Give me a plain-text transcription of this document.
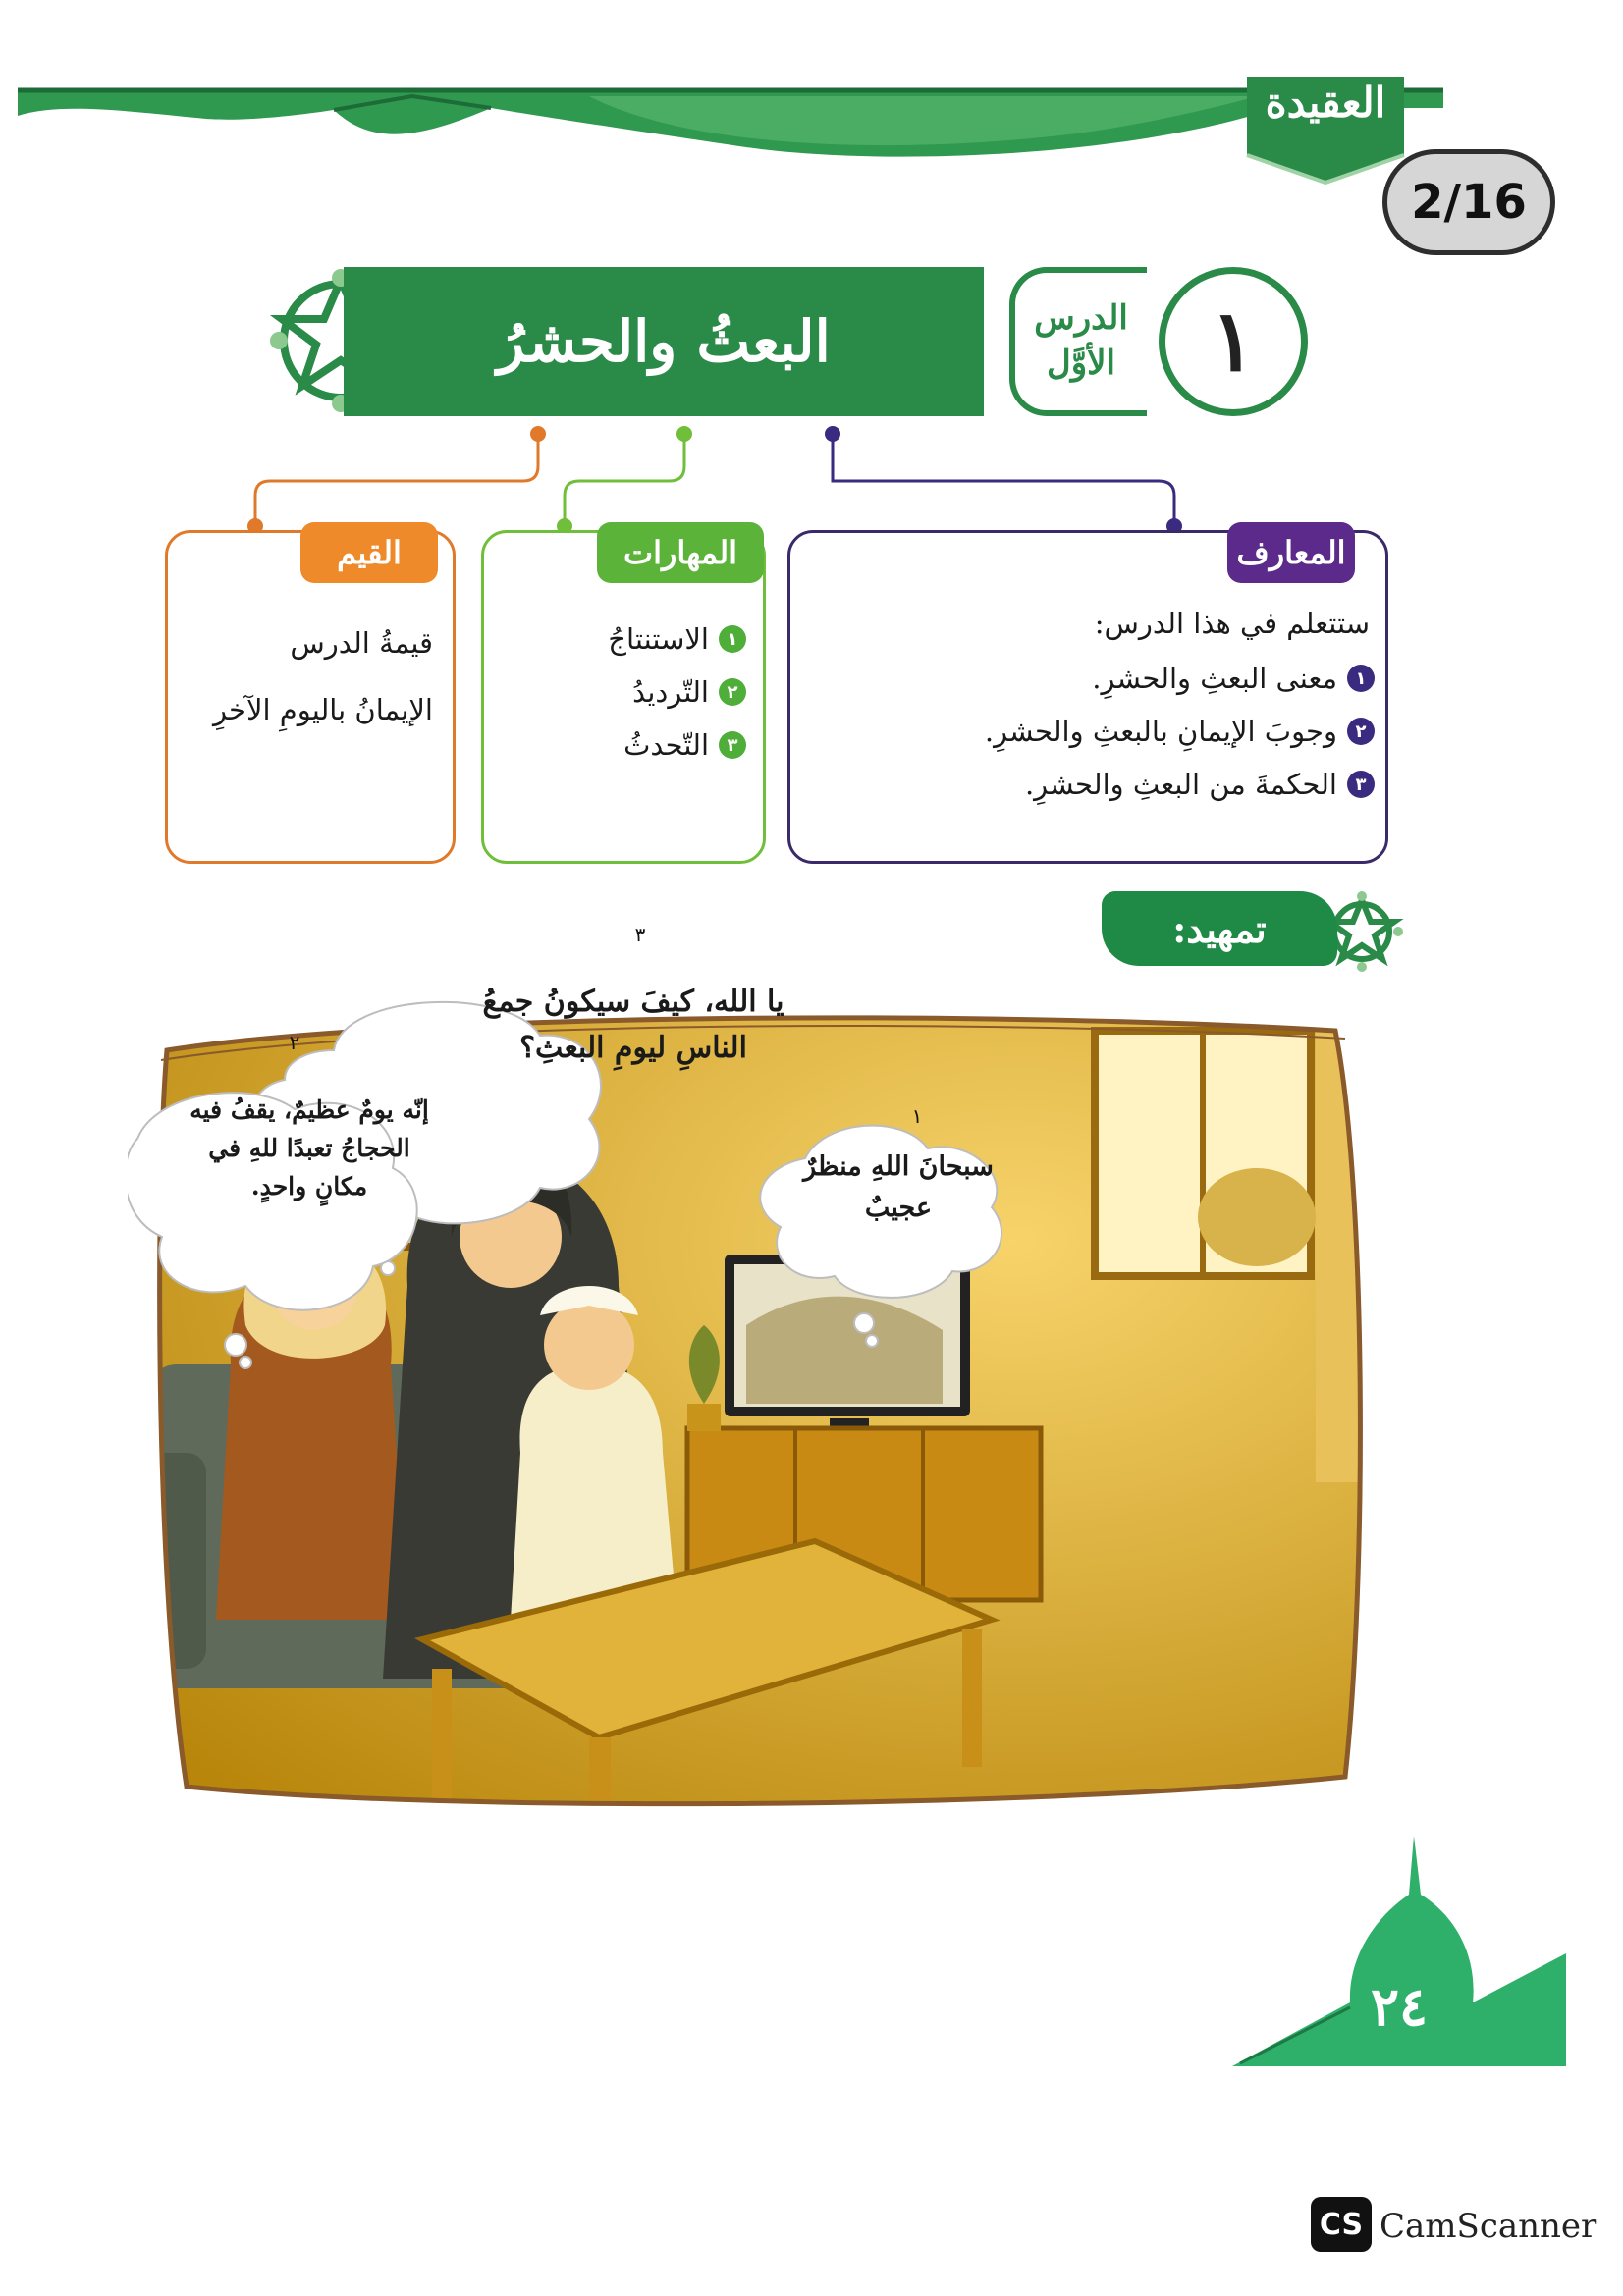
العقيدة
2/16
البعثُ والحشرُ	الدرس
الأوَّل ١
المعارف
المهارات
القيم
ستتعلم في هذا الدرس:
١
معنى البعثِ والحشرِ.
٢
وجوبَ الإيمانِ بالبعثِ والحشرِ.
٣
الحكمةَ من البعثِ والحشرِ.
١
الاستنتاجُ
٢
التّرديدُ
٣
التّحدثُ
قيمةُ الدرس
الإيمانُ باليومِ الآخرِ
تمهيد:
٣
٢
١
يا الله، كيفَ سيكونُ جمعُ الناسِ ليومِ البعثِ؟
إنّه يومٌ عظيمٌ، يقفُ فيه الحجاجُ تعبدًا للهِ في مكانٍ واحدٍ.
سبحانَ اللهِ منظرٌ عجيبٌ
٢٤
CS CamScanner
